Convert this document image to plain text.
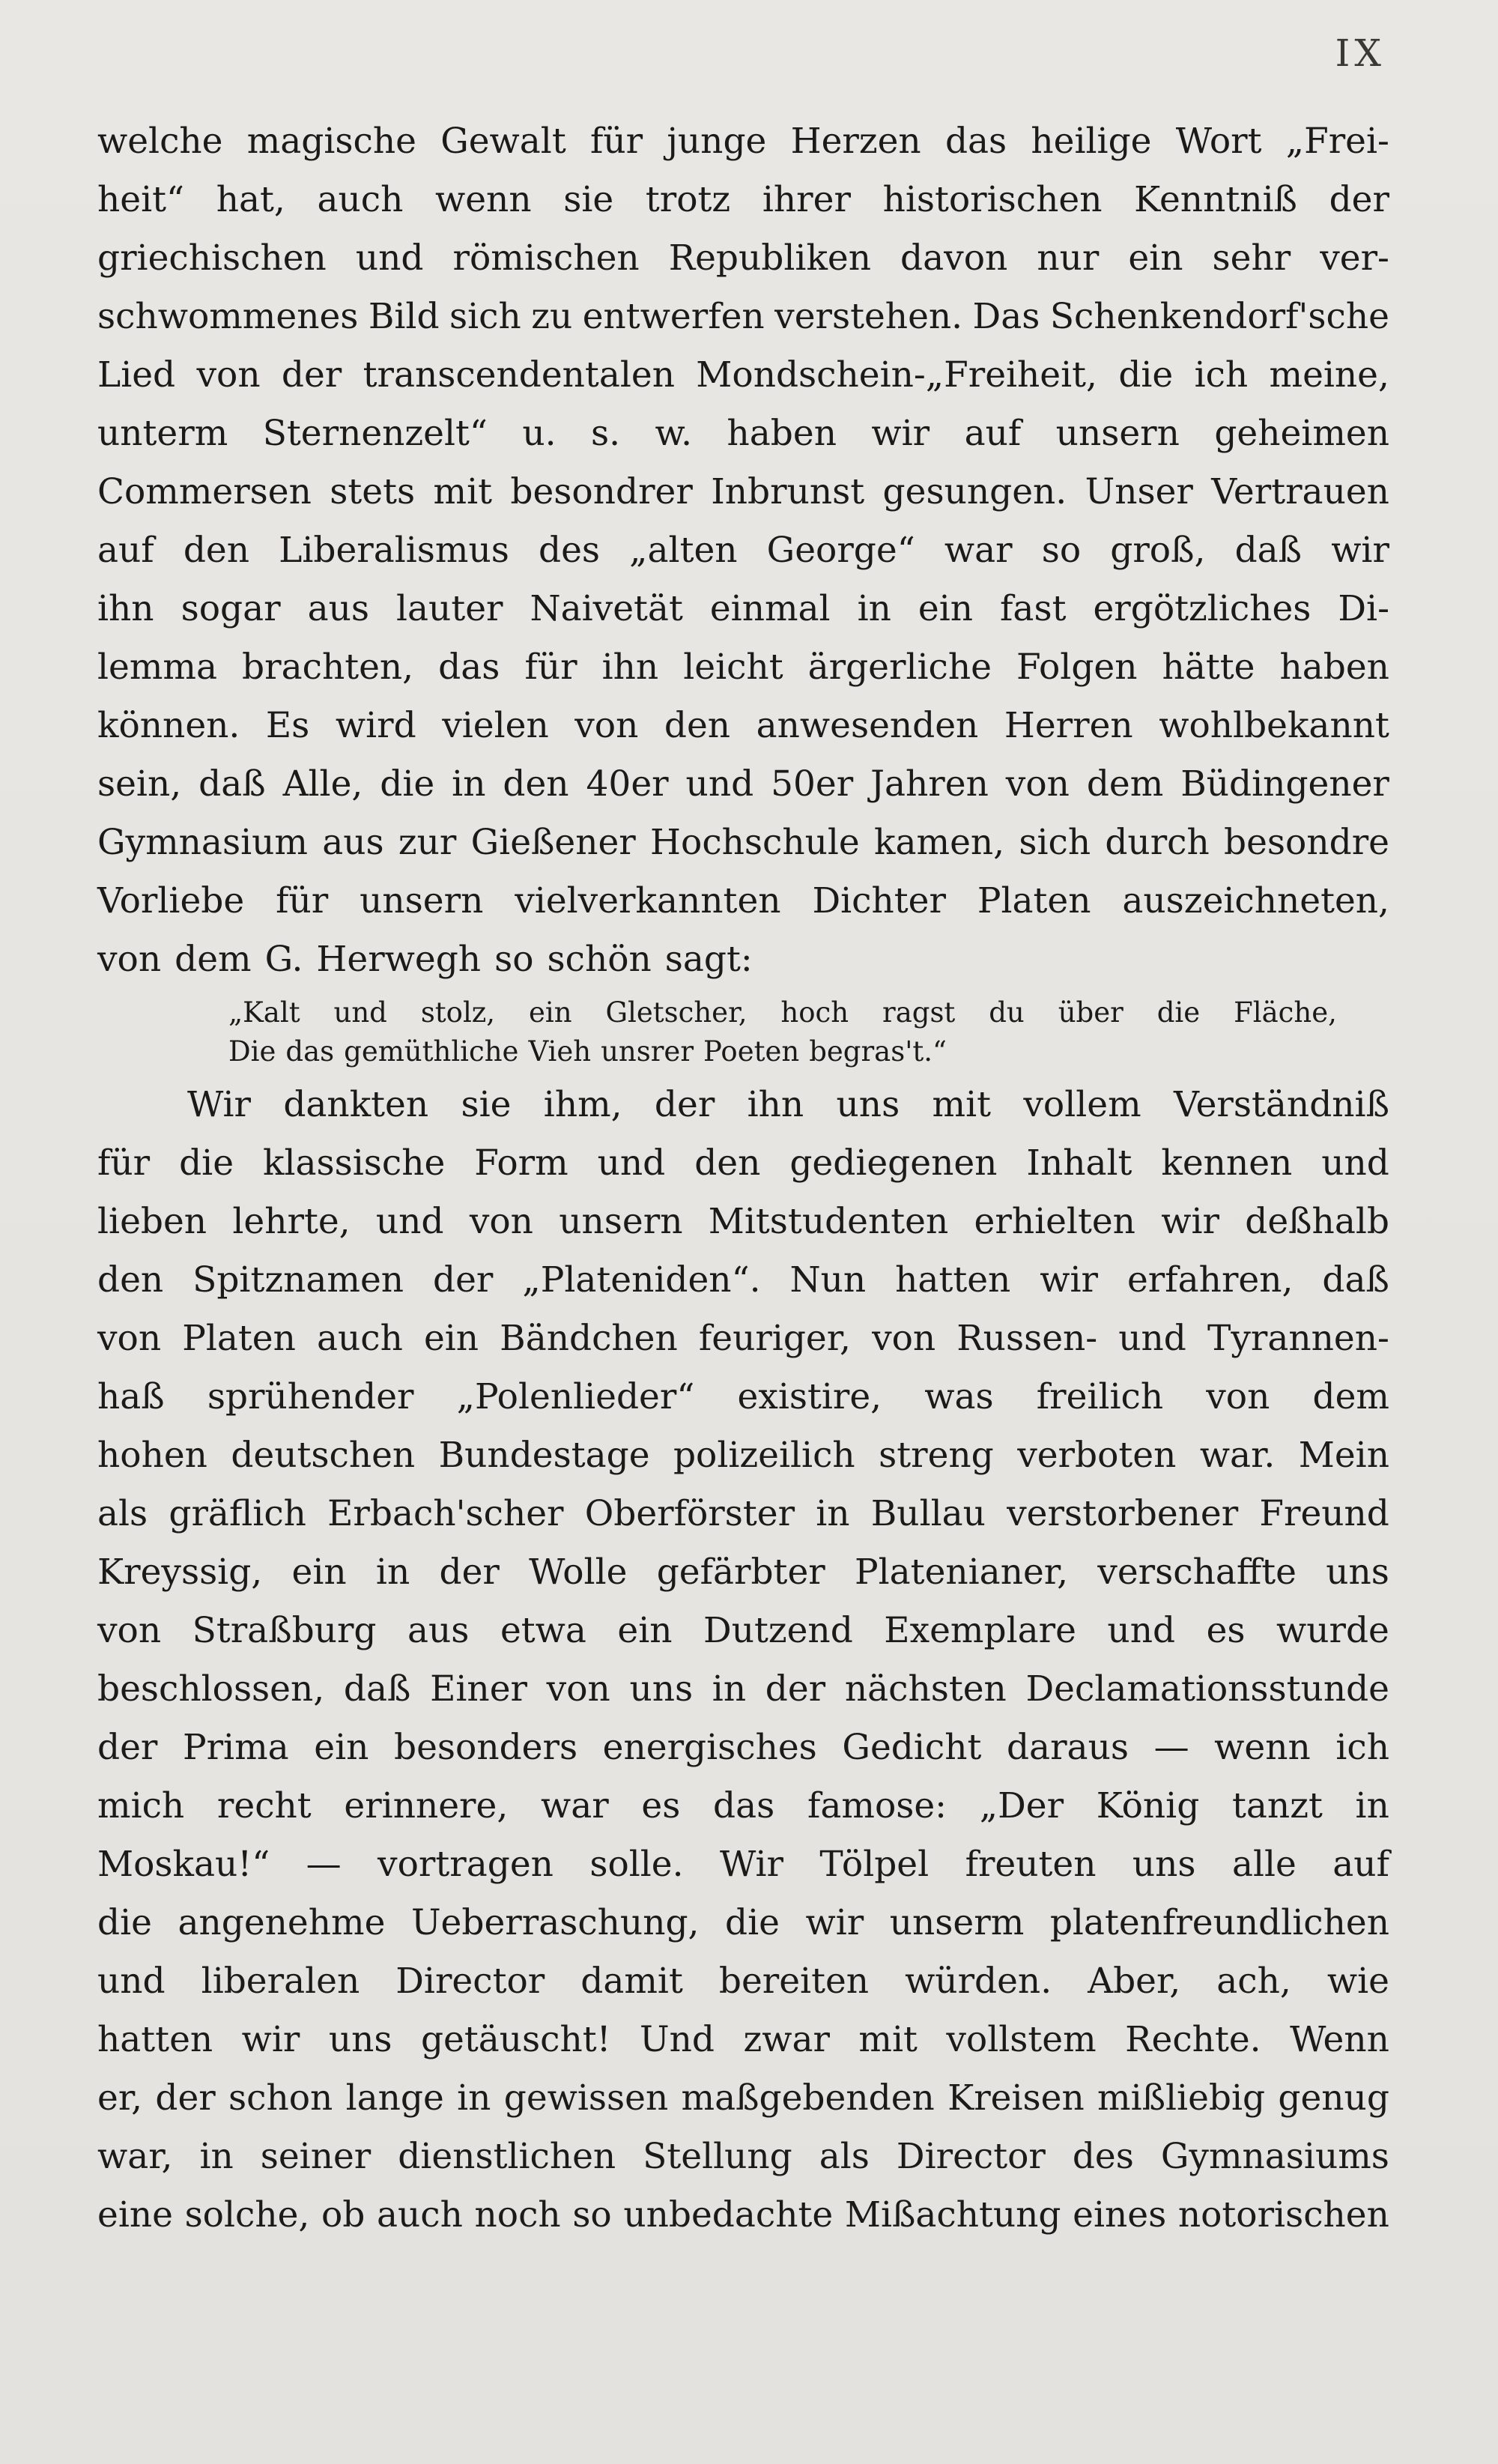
IX
welche magische Gewalt für junge Herzen das heilige Wort „Frei-
heit“ hat, auch wenn sie trotz ihrer historischen Kenntniß der
griechischen und römischen Republiken davon nur ein sehr ver-
schwommenes Bild sich zu entwerfen verstehen. Das Schenkendorf'sche
Lied von der transcendentalen Mondschein-„Freiheit, die ich meine,
unterm Sternenzelt“ u. s. w. haben wir auf unsern geheimen
Commersen stets mit besondrer Inbrunst gesungen. Unser Vertrauen
auf den Liberalismus des „alten George“ war so groß, daß wir
ihn sogar aus lauter Naivetät einmal in ein fast ergötzliches Di-
lemma brachten, das für ihn leicht ärgerliche Folgen hätte haben
können. Es wird vielen von den anwesenden Herren wohlbekannt
sein, daß Alle, die in den 40er und 50er Jahren von dem Büdingener
Gymnasium aus zur Gießener Hochschule kamen, sich durch besondre
Vorliebe für unsern vielverkannten Dichter Platen auszeichneten,
von dem G. Herwegh so schön sagt:
„Kalt und stolz, ein Gletscher, hoch ragst du über die Fläche,
Die das gemüthliche Vieh unsrer Poeten begras't.“
Wir dankten sie ihm, der ihn uns mit vollem Verständniß
für die klassische Form und den gediegenen Inhalt kennen und
lieben lehrte, und von unsern Mitstudenten erhielten wir deßhalb
den Spitznamen der „Plateniden“. Nun hatten wir erfahren, daß
von Platen auch ein Bändchen feuriger, von Russen- und Tyrannen-
haß sprühender „Polenlieder“ existire, was freilich von dem
hohen deutschen Bundestage polizeilich streng verboten war. Mein
als gräflich Erbach'scher Oberförster in Bullau verstorbener Freund
Kreyssig, ein in der Wolle gefärbter Platenianer, verschaffte uns
von Straßburg aus etwa ein Dutzend Exemplare und es wurde
beschlossen, daß Einer von uns in der nächsten Declamationsstunde
der Prima ein besonders energisches Gedicht daraus — wenn ich
mich recht erinnere, war es das famose: „Der König tanzt in
Moskau!“ — vortragen solle. Wir Tölpel freuten uns alle auf
die angenehme Ueberraschung, die wir unserm platenfreundlichen
und liberalen Director damit bereiten würden. Aber, ach, wie
hatten wir uns getäuscht! Und zwar mit vollstem Rechte. Wenn
er, der schon lange in gewissen maßgebenden Kreisen mißliebig genug
war, in seiner dienstlichen Stellung als Director des Gymnasiums
eine solche, ob auch noch so unbedachte Mißachtung eines notorischen
